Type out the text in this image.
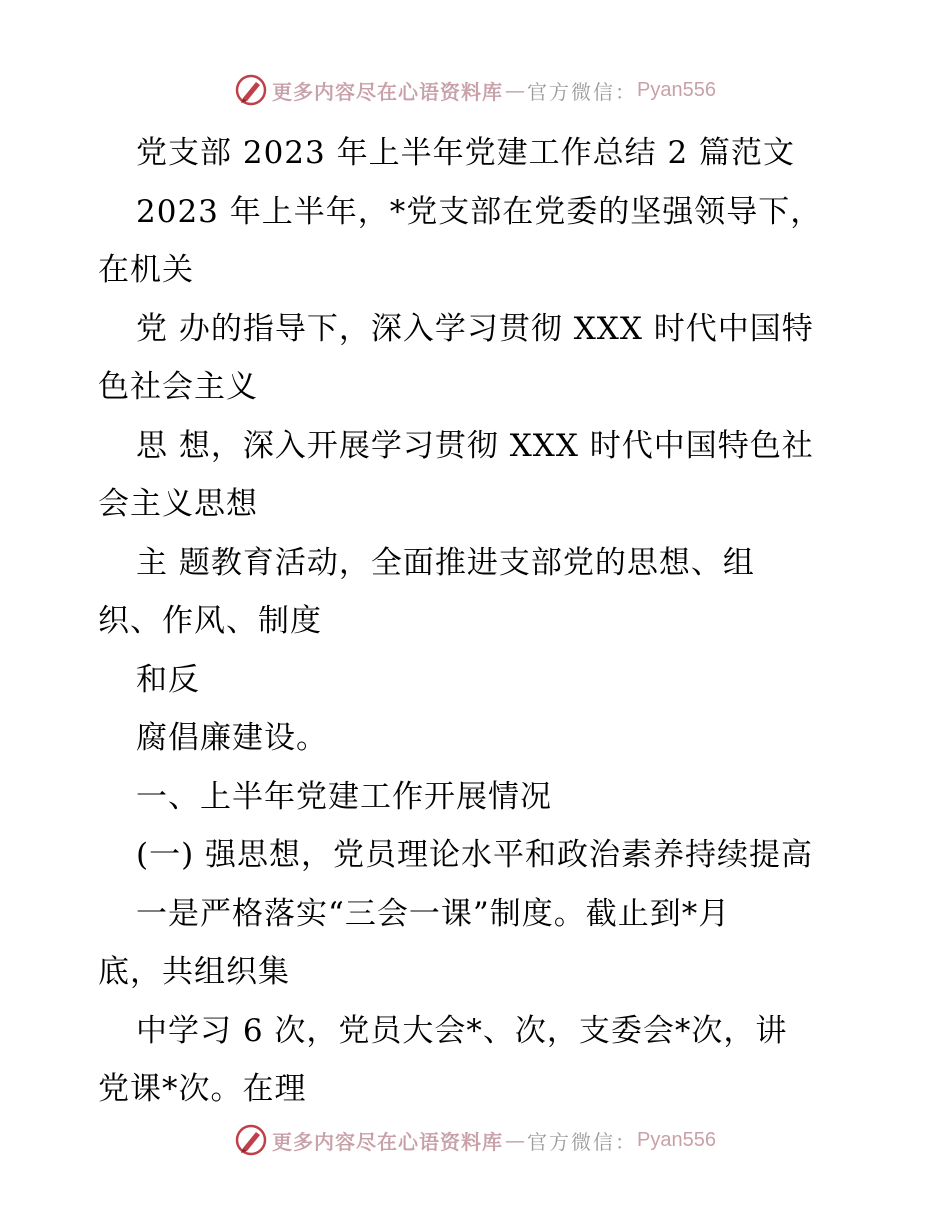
更多内容尽在心语资料库 — 官方微信： Pyan556
党支部 2023 年上半年党建工作总结 2 篇范文
2023 年上半年，*党支部在党委的坚强领导下，
在机关
党 办的指导下，深入学习贯彻 XXX 时代中国特
色社会主义
思 想，深入开展学习贯彻 XXX 时代中国特色社
会主义思想
主 题教育活动，全面推进支部党的思想、组
织、作风、制度
和反
腐倡廉建设。
一、上半年党建工作开展情况
(一) 强思想，党员理论水平和政治素养持续提高
一是严格落实“三会一课”制度。截止到*月
底，共组织集
中学习 6 次，党员大会*、次，支委会*次，讲
党课*次。在理
更多内容尽在心语资料库 — 官方微信： Pyan556
